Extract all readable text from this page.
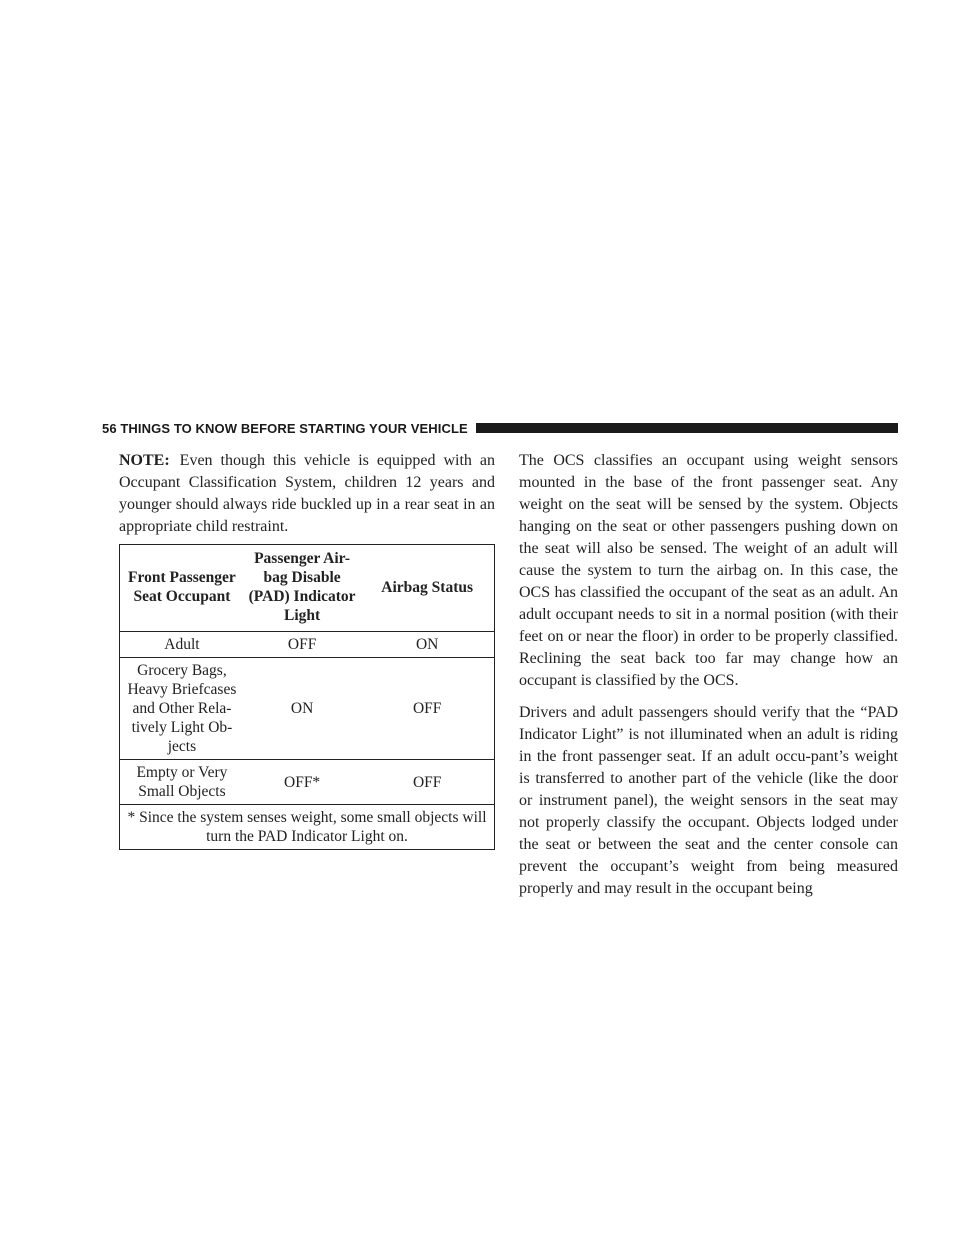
56 THINGS TO KNOW BEFORE STARTING YOUR VEHICLE

NOTE: Even though this vehicle is equipped with an Occupant Classification System, children 12 years and younger should always ride buckled up in a rear seat in an appropriate child restraint.

Front Passenger Seat Occupant	Passenger Air-bag Disable (PAD) Indicator Light	Airbag Status
Adult	OFF	ON
Grocery Bags, Heavy Briefcases and Other Rela-tively Light Ob-jects	ON	OFF
Empty or Very Small Objects	OFF*	OFF
* Since the system senses weight, some small objects will turn the PAD Indicator Light on.		

The OCS classifies an occupant using weight sensors mounted in the base of the front passenger seat. Any weight on the seat will be sensed by the system. Objects hanging on the seat or other passengers pushing down on the seat will also be sensed. The weight of an adult will cause the system to turn the airbag on. In this case, the OCS has classified the occupant of the seat as an adult. An adult occupant needs to sit in a normal position (with their feet on or near the floor) in order to be properly classified. Reclining the seat back too far may change how an occupant is classified by the OCS.

Drivers and adult passengers should verify that the “PAD Indicator Light” is not illuminated when an adult is riding in the front passenger seat. If an adult occu-pant’s weight is transferred to another part of the vehicle (like the door or instrument panel), the weight sensors in the seat may not properly classify the occupant. Objects lodged under the seat or between the seat and the center console can prevent the occupant’s weight from being measured properly and may result in the occupant being
